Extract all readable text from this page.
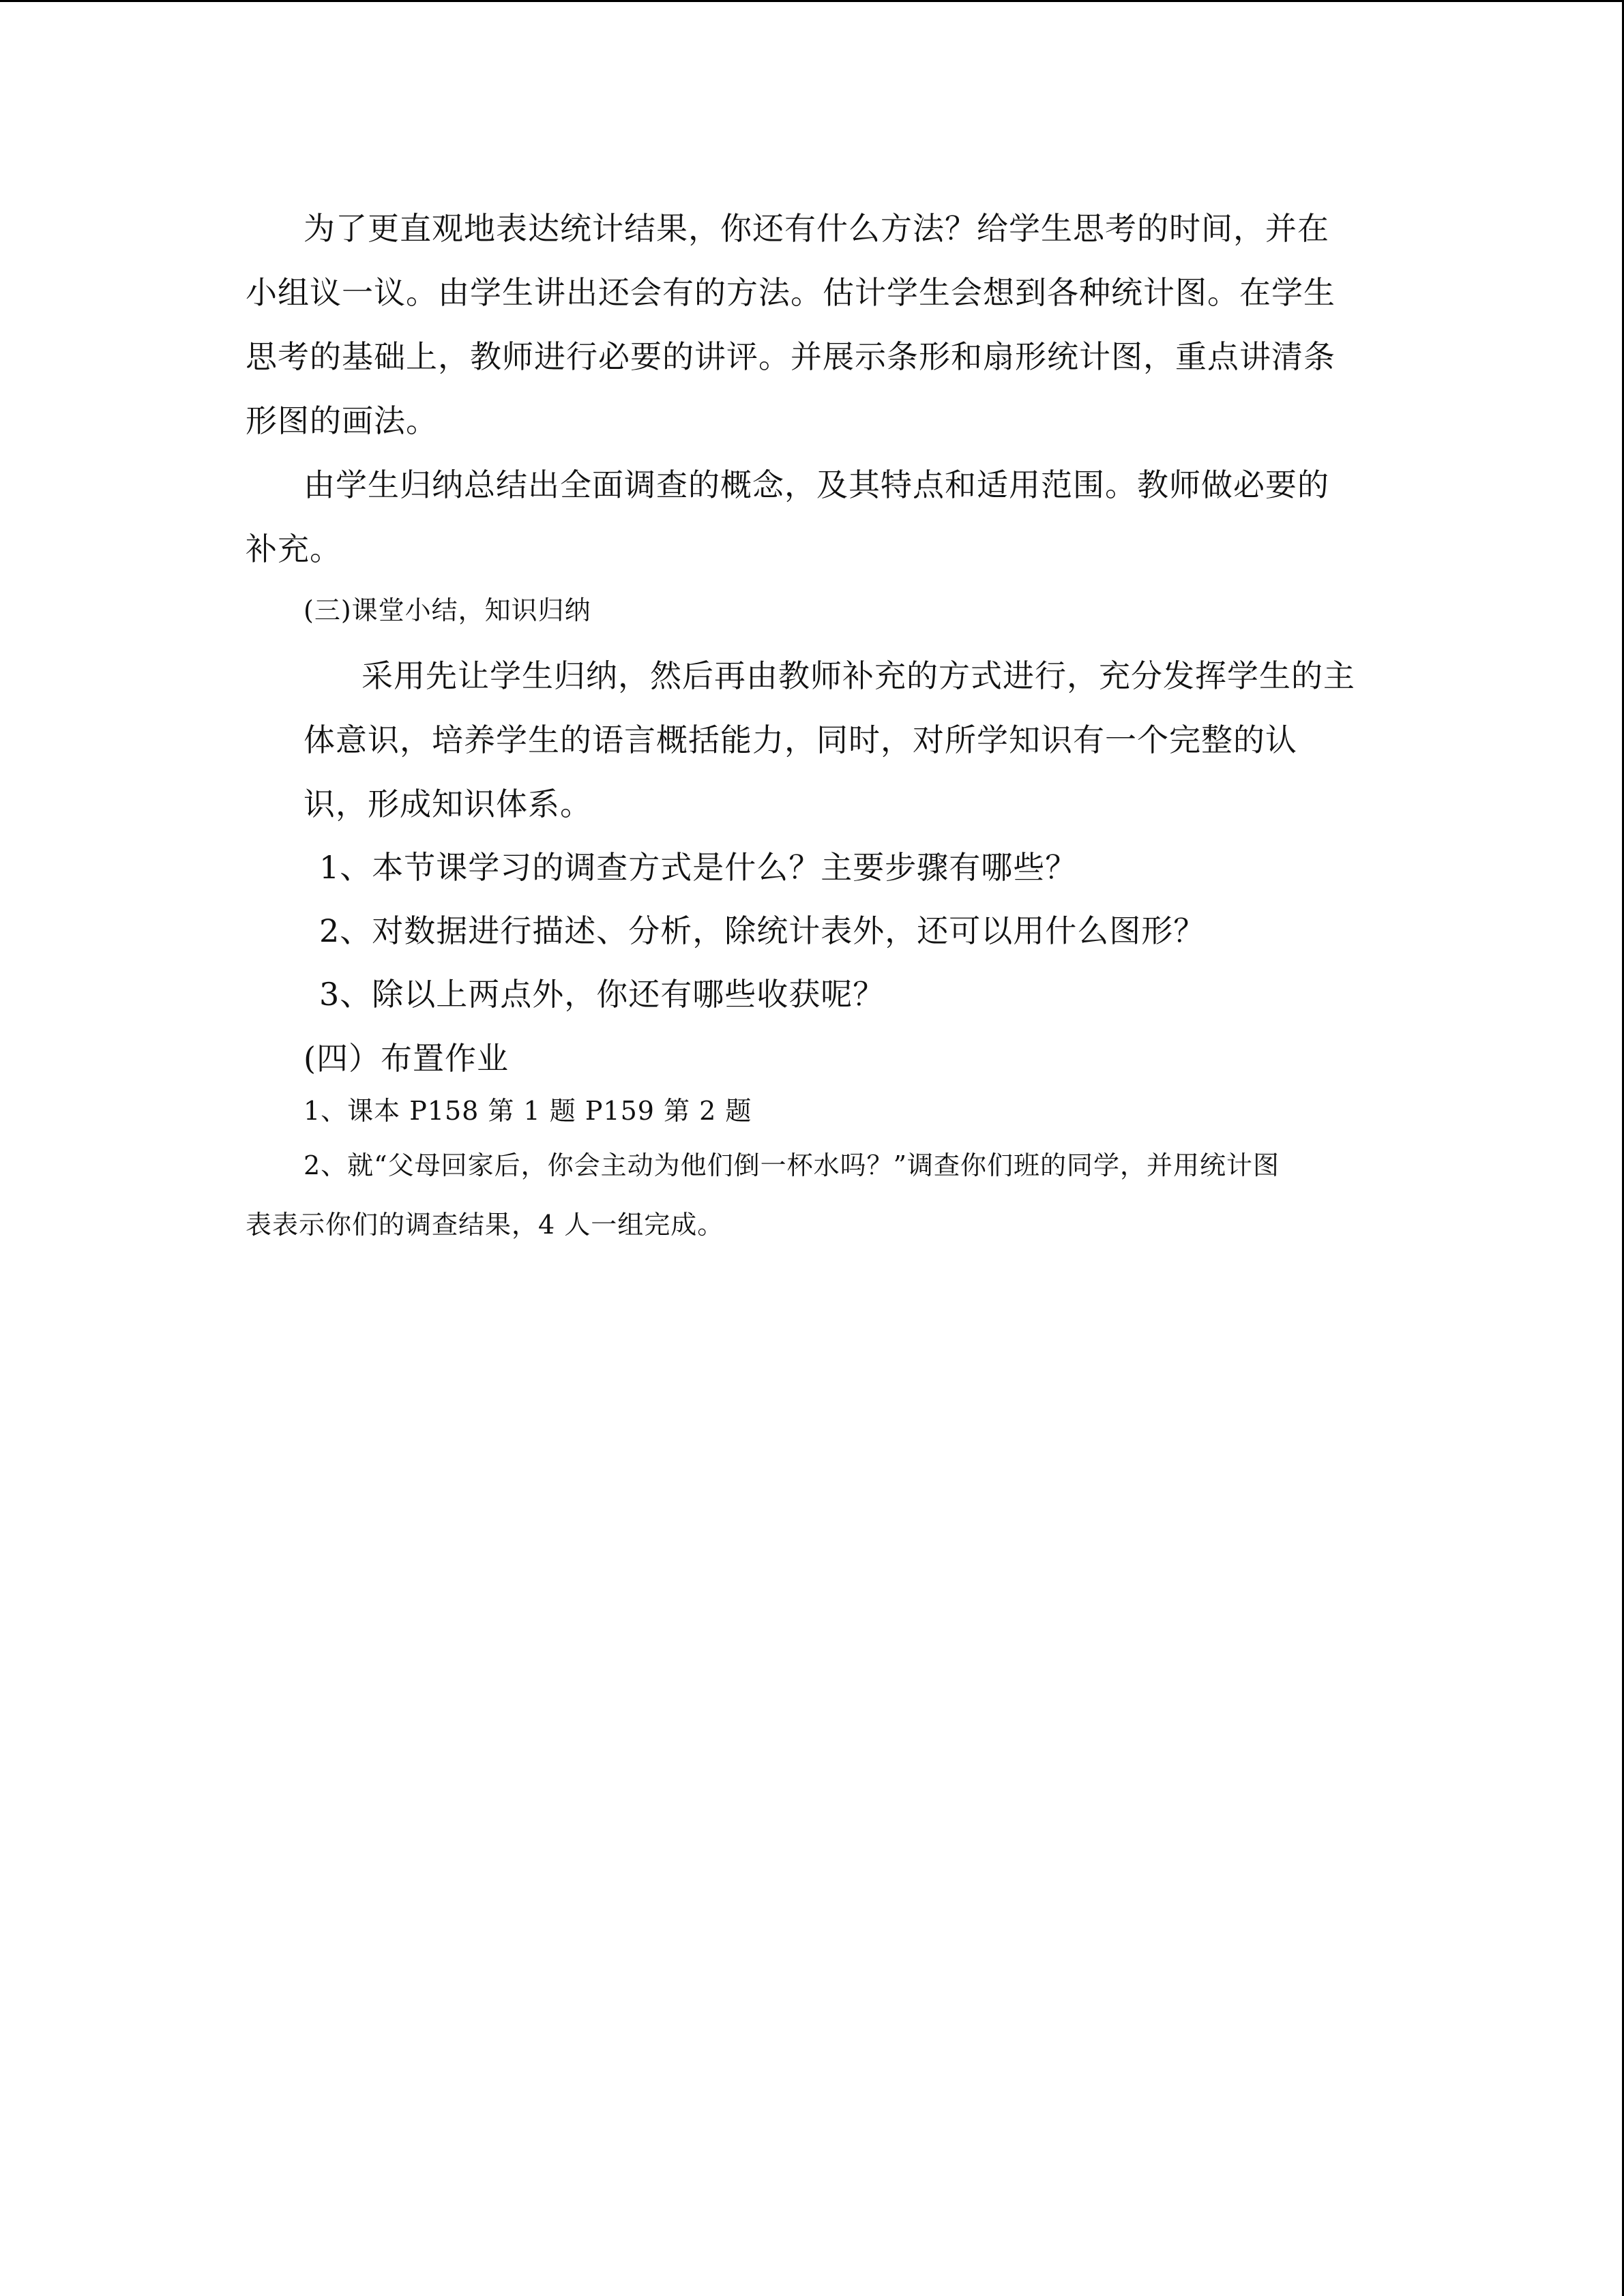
为了更直观地表达统计结果，你还有什么方法？给学生思考的时间，并在
小组议一议。由学生讲出还会有的方法。估计学生会想到各种统计图。在学生
思考的基础上，教师进行必要的讲评。并展示条形和扇形统计图，重点讲清条
形图的画法。
由学生归纳总结出全面调查的概念，及其特点和适用范围。教师做必要的
补充。
(三)课堂小结，知识归纳
采用先让学生归纳，然后再由教师补充的方式进行，充分发挥学生的主
体意识，培养学生的语言概括能力，同时，对所学知识有一个完整的认
识，形成知识体系。
1、本节课学习的调查方式是什么？主要步骤有哪些？
2、对数据进行描述、分析，除统计表外，还可以用什么图形？
3、除以上两点外，你还有哪些收获呢？
(四）布置作业
1、课本 P158 第 1 题 P159 第 2 题
2、就“父母回家后，你会主动为他们倒一杯水吗？”调查你们班的同学，并用统计图
表表示你们的调查结果，4 人一组完成。
